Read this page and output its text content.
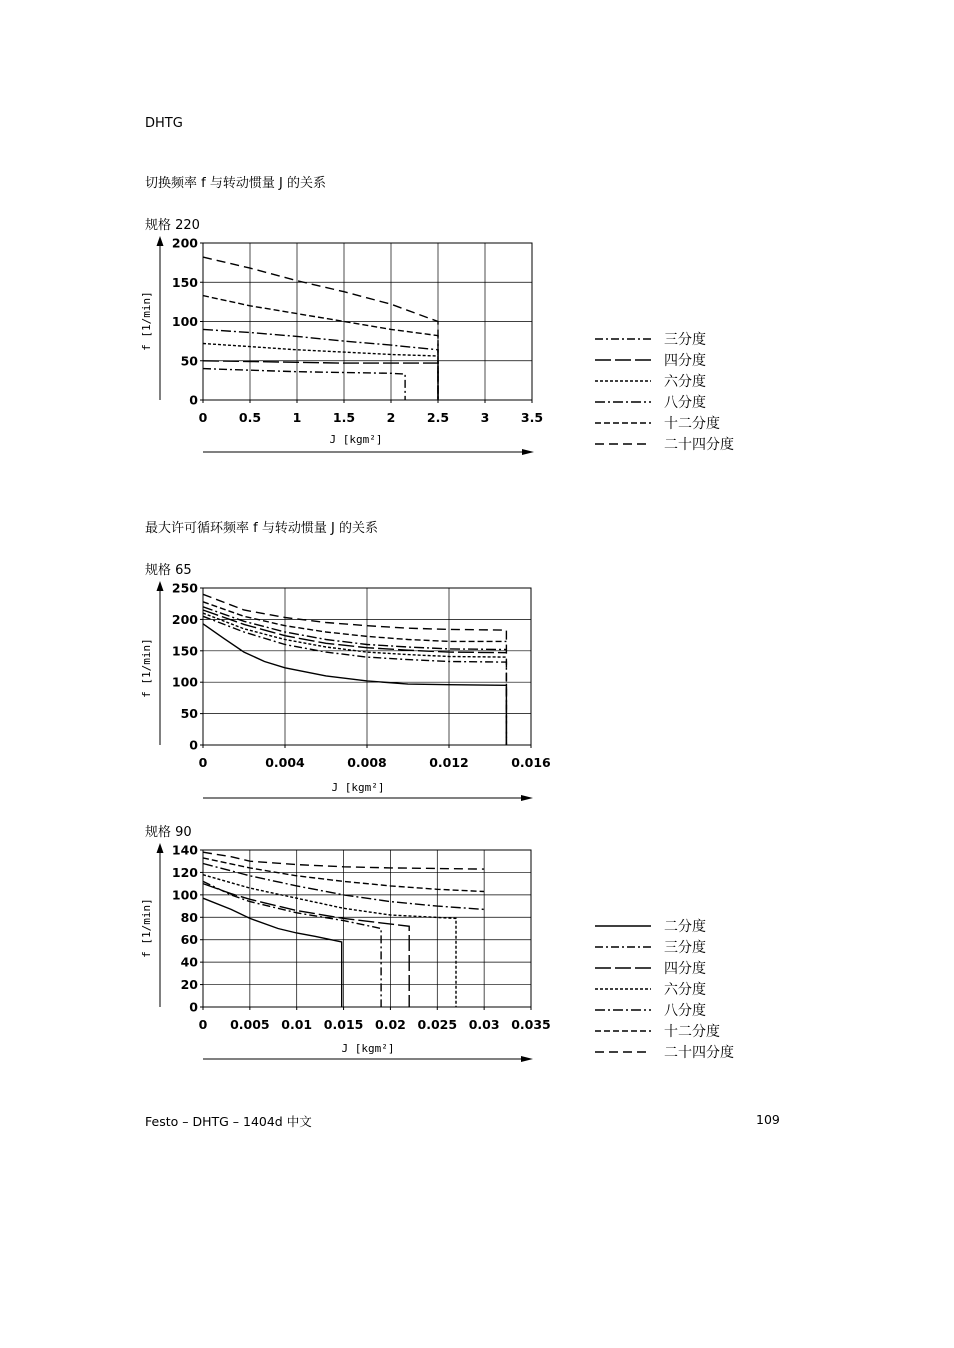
DHTG
切换频率 f 与转动惯量 J 的关系
规格 220
最大许可循环频率 f 与转动惯量 J 的关系
规格 65
规格 90
0	0.5	1	1.5	2	2.5	3	3.5
0
50
100
150
200
f [1/min]
J [kgm²]
三分度
四分度
六分度
八分度
十二分度
二十四分度
0	0.004	0.008	0.012	0.016
0
50
100
150
200
250
f [1/min]
J [kgm²]
0 0.005 0.01 0.015 0.02 0.025 0.03 0.035
0
20
40
60
80
100
120
140
f [1/min]
J [kgm²]
二分度
三分度
四分度
六分度
八分度
十二分度
二十四分度
Festo – DHTG – 1404d 中文	109
